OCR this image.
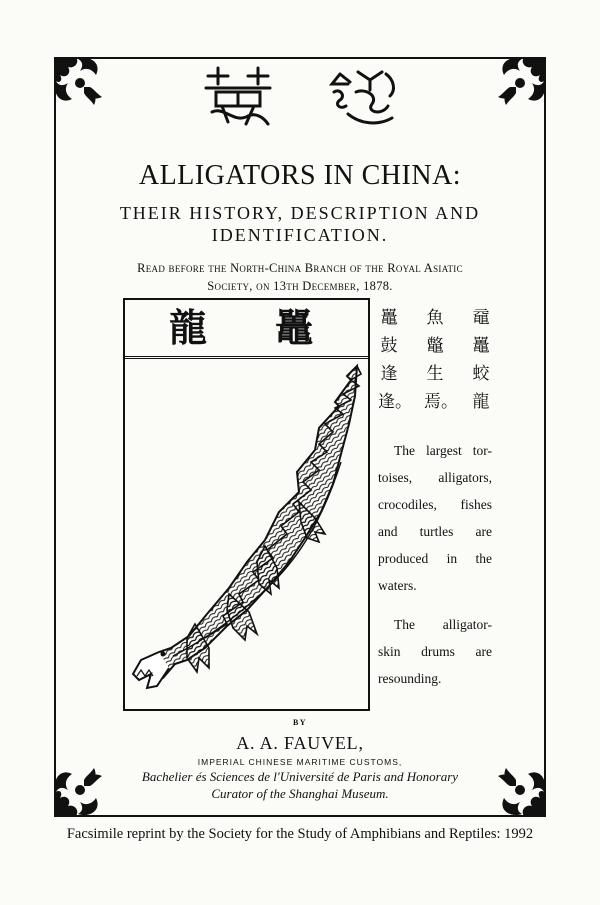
ALLIGATORS IN CHINA:
THEIR HISTORY, DESCRIPTION AND
IDENTIFICATION.
Read before the North-China Branch of the Royal Asiatic
Society, on 13th December, 1878.
龍 鼉	黿
鼉
蛟
龍
魚
鼈
生
焉。
鼉
鼓
逢
逢。
The largest tor-
toises, alligators,
crocodiles, fishes
and turtles are
produced in the
waters.
The alligator-
skin drums are
resounding.
BY
A. A. FAUVEL,
IMPERIAL CHINESE MARITIME CUSTOMS,
Bachelier és Sciences de l'Université de Paris and Honorary
Curator of the Shanghai Museum.
Facsimile reprint by the Society for the Study of Amphibians and Reptiles: 1992
